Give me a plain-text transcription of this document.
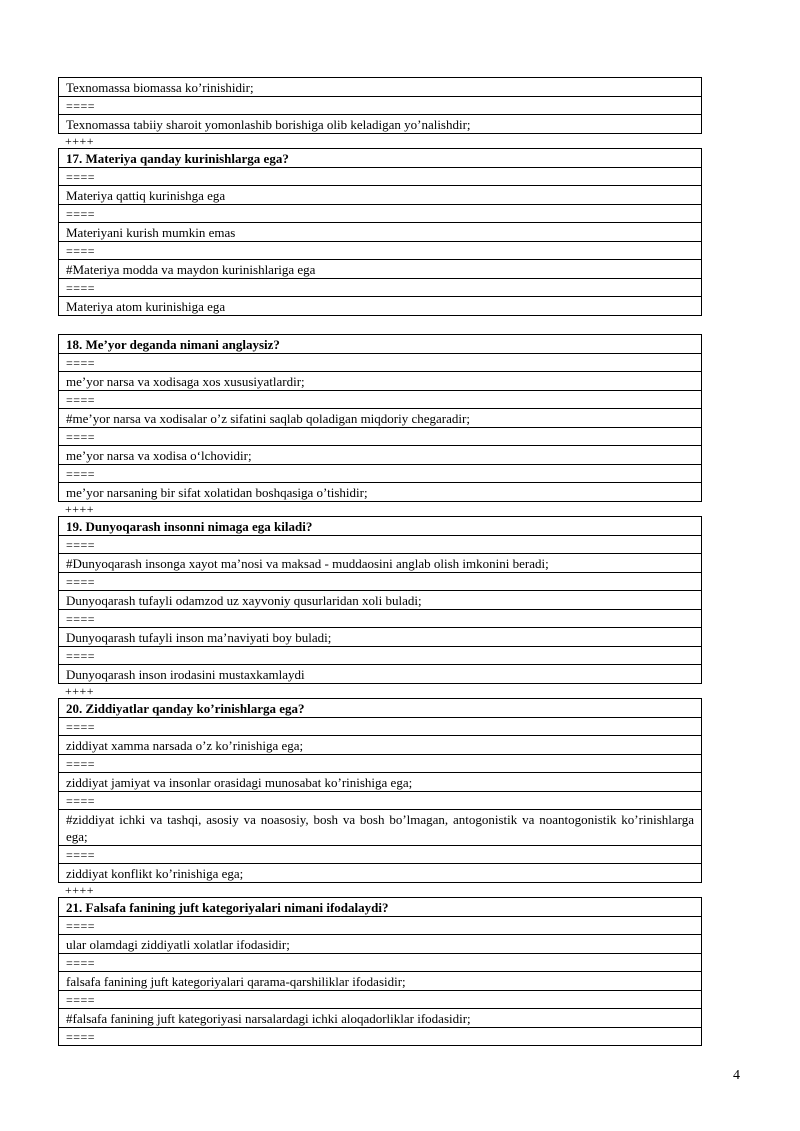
Texnomassa biomassa ko’rinishidir;
====
Texnomassa tabiiy sharoit yomonlashib borishiga olib keladigan yo’nalishdir;
++++
17. Materiya qanday kurinishlarga ega?
====
Materiya qattiq kurinishga ega
====
Materiyani kurish mumkin emas
====
#Materiya modda va maydon kurinishlariga ega
====
Materiya atom kurinishiga ega
18. Me’yor deganda nimani anglaysiz?
====
me’yor narsa va xodisaga xos xususiyatlardir;
====
#me’yor narsa va xodisalar o’z sifatini saqlab qoladigan miqdoriy chegaradir;
====
me’yor narsa va xodisa o‘lchovidir;
====
me’yor narsaning bir sifat xolatidan boshqasiga o’tishidir;
++++
19. Dunyoqarash insonni nimaga ega kiladi?
====
#Dunyoqarash insonga xayot ma’nosi va maksad - muddaosini anglab olish imkonini beradi;
====
Dunyoqarash tufayli odamzod uz xayvoniy qusurlaridan xoli buladi;
====
Dunyoqarash tufayli inson ma’naviyati boy buladi;
====
Dunyoqarash inson irodasini mustaxkamlaydi
++++
20. Ziddiyatlar qanday ko’rinishlarga ega?
====
ziddiyat xamma narsada o’z ko’rinishiga ega;
====
ziddiyat jamiyat va insonlar orasidagi munosabat ko’rinishiga ega;
====
#ziddiyat ichki va tashqi, asosiy va noasosiy, bosh va bosh bo’lmagan, antogonistik va noantogonistik ko’rinishlarga ega;
====
ziddiyat konflikt ko’rinishiga ega;
++++
21. Falsafa fanining juft kategoriyalari nimani ifodalaydi?
====
ular olamdagi ziddiyatli xolatlar ifodasidir;
====
falsafa fanining juft kategoriyalari qarama-qarshiliklar ifodasidir;
====
#falsafa fanining juft kategoriyasi narsalardagi ichki aloqadorliklar ifodasidir;
====
4
